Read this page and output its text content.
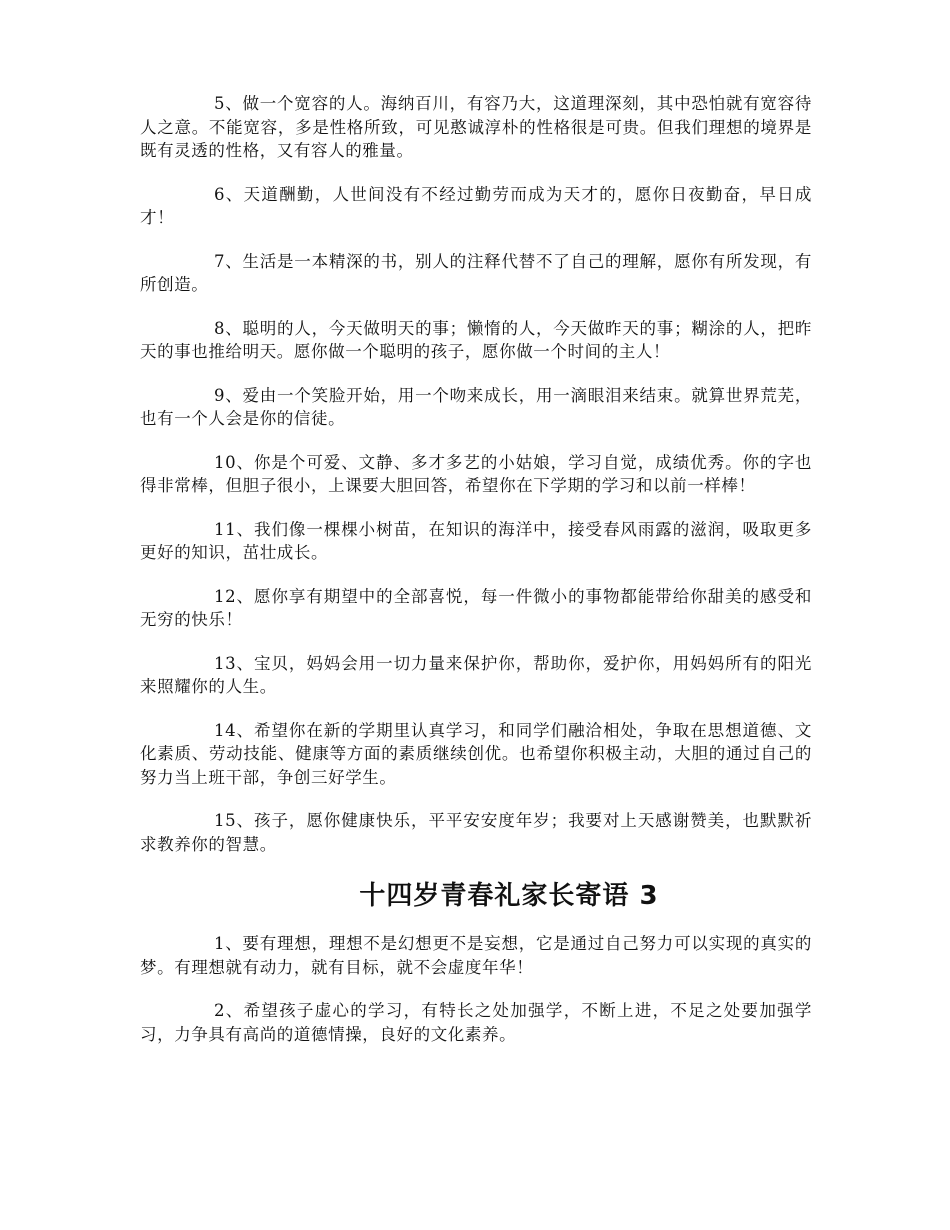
5、做一个宽容的人。海纳百川，有容乃大，这道理深刻，其中恐怕就有宽容待人之意。不能宽容，多是性格所致，可见憨诚淳朴的性格很是可贵。但我们理想的境界是既有灵透的性格，又有容人的雅量。

6、天道酬勤，人世间没有不经过勤劳而成为天才的，愿你日夜勤奋，早日成才！

7、生活是一本精深的书，别人的注释代替不了自己的理解，愿你有所发现，有所创造。

8、聪明的人，今天做明天的事；懒惰的人，今天做昨天的事；糊涂的人，把昨天的事也推给明天。愿你做一个聪明的孩子，愿你做一个时间的主人！

9、爱由一个笑脸开始，用一个吻来成长，用一滴眼泪来结束。就算世界荒芜，也有一个人会是你的信徒。

10、你是个可爱、文静、多才多艺的小姑娘，学习自觉，成绩优秀。你的字也得非常棒，但胆子很小，上课要大胆回答，希望你在下学期的学习和以前一样棒！

11、我们像一棵棵小树苗，在知识的海洋中，接受春风雨露的滋润，吸取更多更好的知识，茁壮成长。

12、愿你享有期望中的全部喜悦，每一件微小的事物都能带给你甜美的感受和无穷的快乐！

13、宝贝，妈妈会用一切力量来保护你，帮助你，爱护你，用妈妈所有的阳光来照耀你的人生。

14、希望你在新的学期里认真学习，和同学们融洽相处，争取在思想道德、文化素质、劳动技能、健康等方面的素质继续创优。也希望你积极主动，大胆的通过自己的努力当上班干部，争创三好学生。

15、孩子，愿你健康快乐，平平安安度年岁；我要对上天感谢赞美，也默默祈求教养你的智慧。

十四岁青春礼家长寄语 3

1、要有理想，理想不是幻想更不是妄想，它是通过自己努力可以实现的真实的梦。有理想就有动力，就有目标，就不会虚度年华！

2、希望孩子虚心的学习，有特长之处加强学，不断上进，不足之处要加强学习，力争具有高尚的道德情操，良好的文化素养。
